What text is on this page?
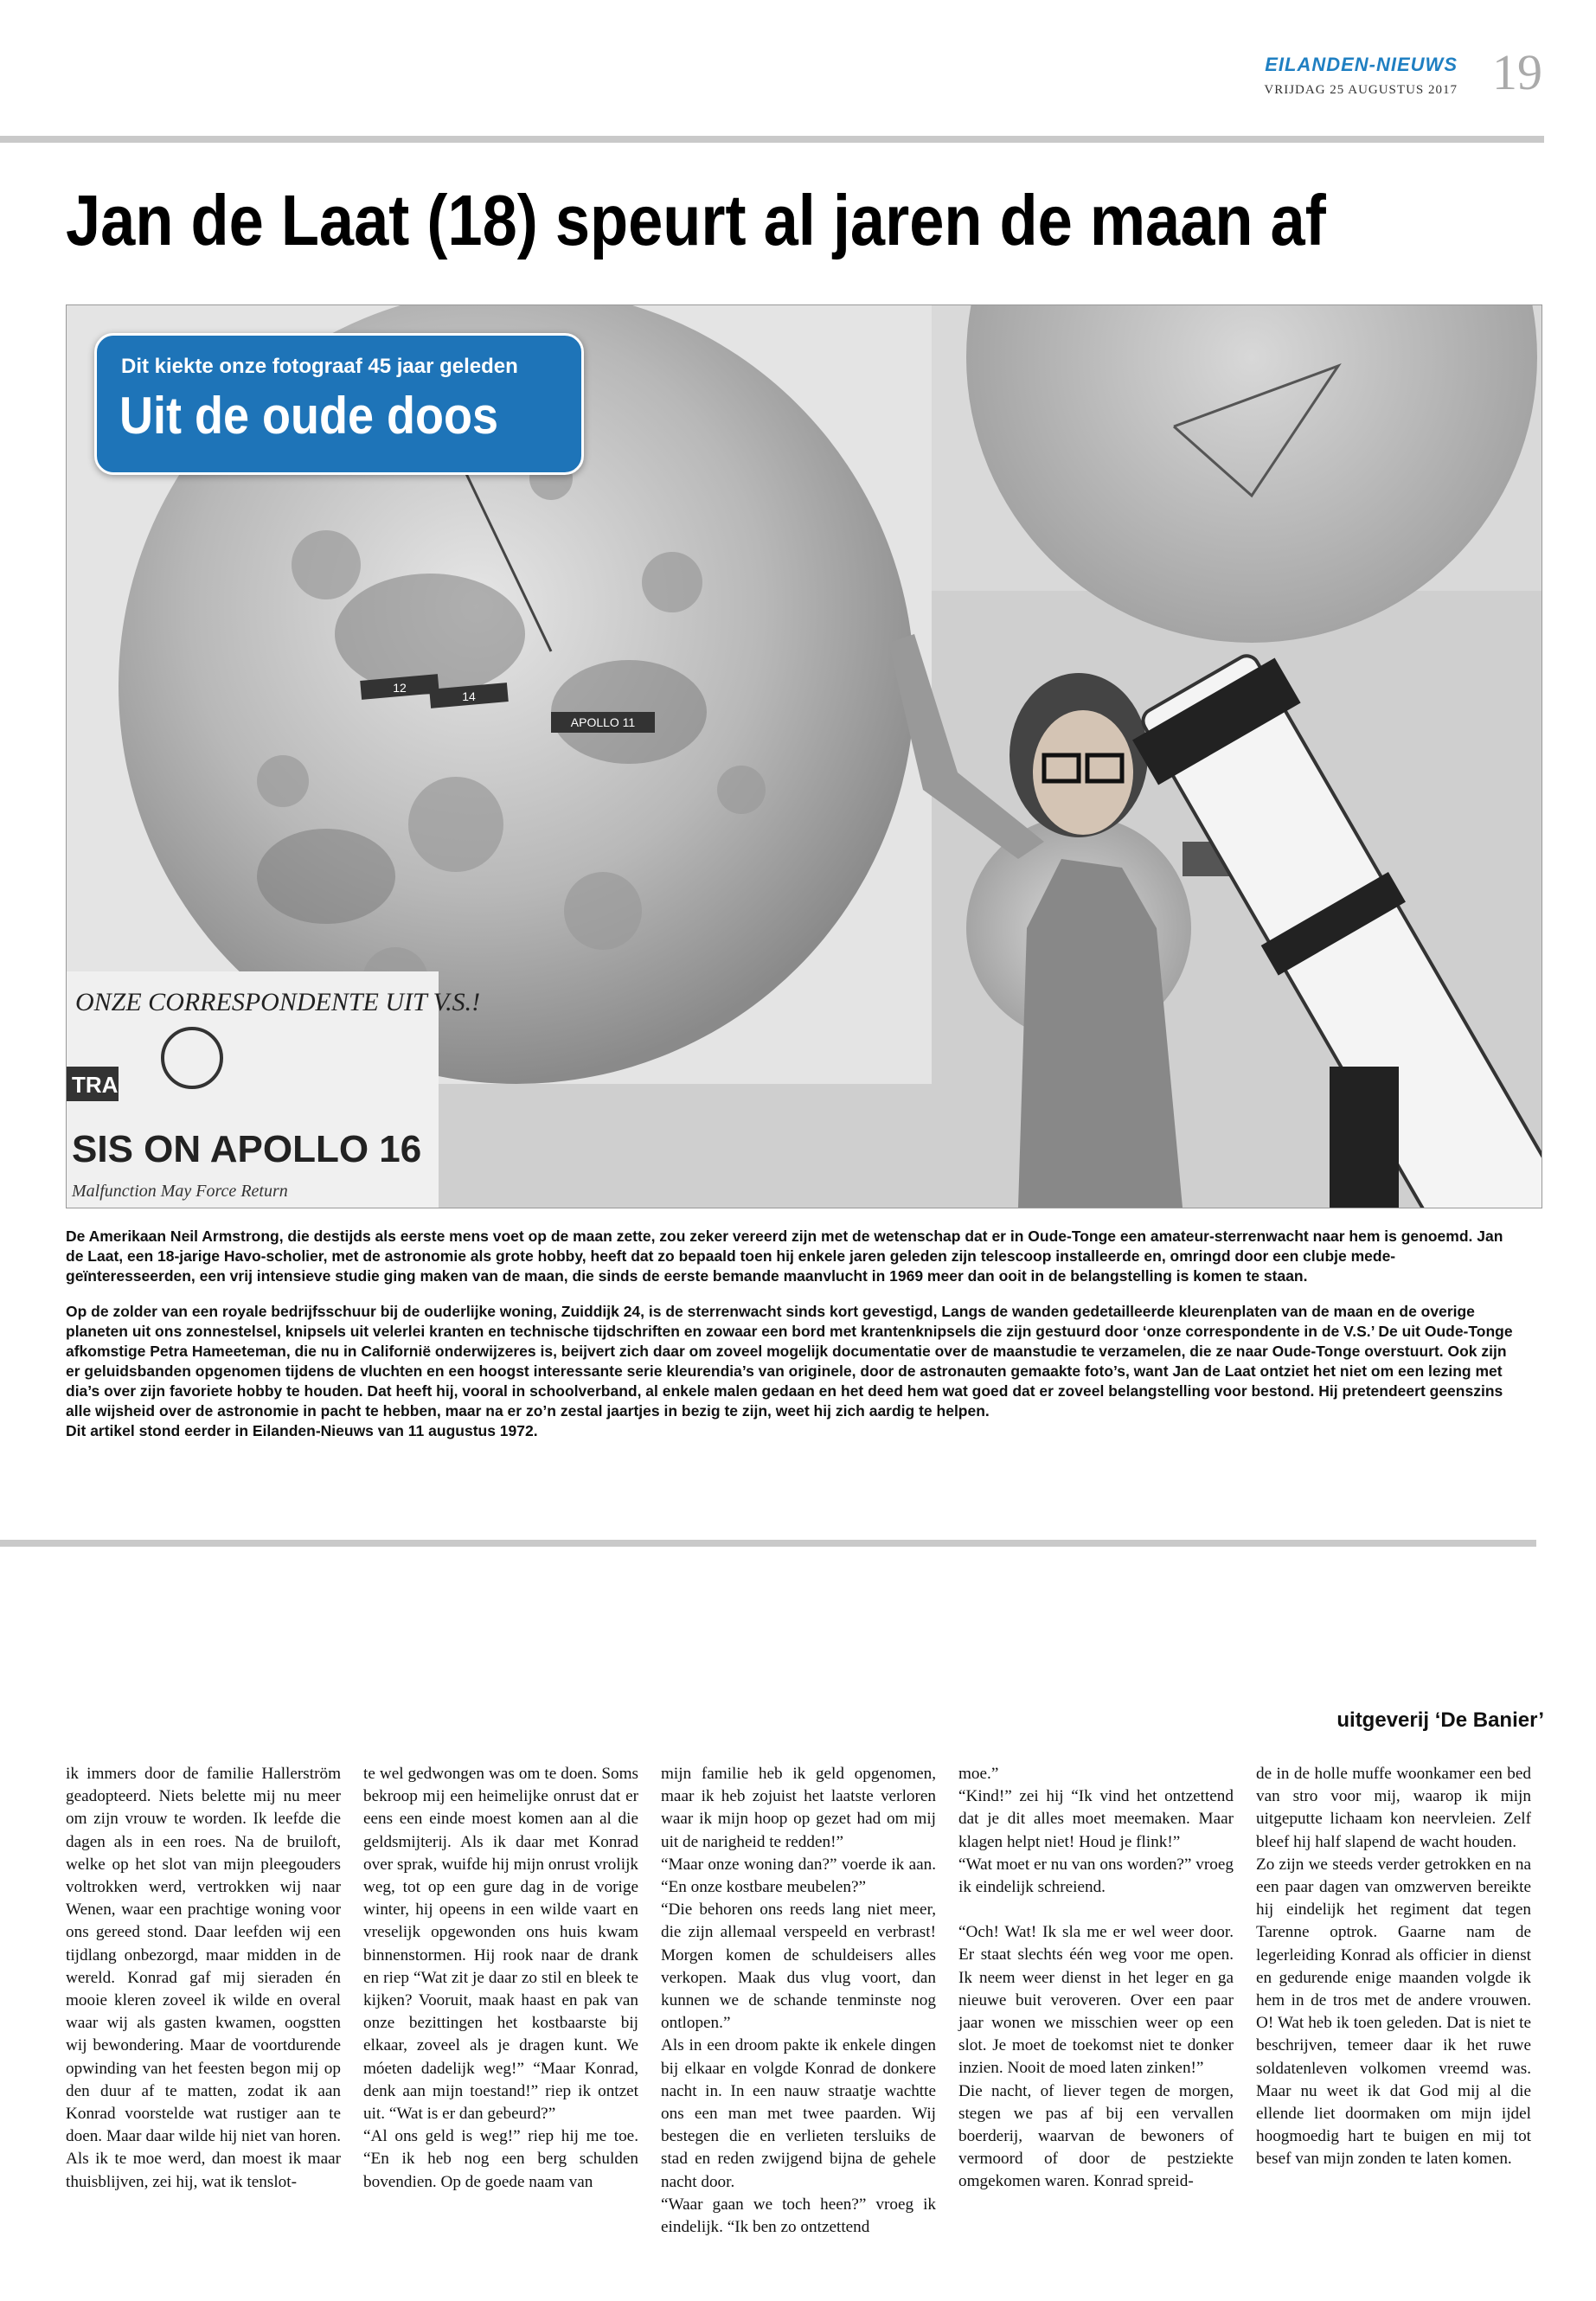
EILANDEN-NIEUWS
VRIJDAG 25 AUGUSTUS 2017 19
Jan de Laat (18) speurt al jaren de maan af
12
14
APOLLO 11
ONZE CORRESPONDENTE UIT V.S.!
TRA
SIS ON APOLLO 16
Malfunction May Force Return
Dit kiekte onze fotograaf 45 jaar geleden
Uit de oude doos

De Amerikaan Neil Armstrong, die destijds als eerste mens voet op de maan zette, zou zeker vereerd zijn met de wetenschap dat er in Oude-Tonge een amateur-sterrenwacht naar hem is genoemd. Jan de Laat, een 18-jarige Havo-scholier, met de astronomie als grote hobby, heeft dat zo bepaald toen hij enkele jaren geleden zijn telescoop installeerde en, omringd door een clubje mede-geïnteresseerden, een vrij intensieve studie ging maken van de maan, die sinds de eerste bemande maanvlucht in 1969 meer dan ooit in de belangstelling is komen te staan.

Op de zolder van een royale bedrijfsschuur bij de ouderlijke woning, Zuiddijk 24, is de sterrenwacht sinds kort gevestigd, Langs de wanden gedetailleerde kleurenplaten van de maan en de overige planeten uit ons zonnestelsel, knipsels uit velerlei kranten en technische tijdschriften en zowaar een bord met krantenknipsels die zijn gestuurd door ‘onze correspondente in de V.S.’ De uit Oude-Tonge afkomstige Petra Hameeteman, die nu in Californië onderwijzeres is, beijvert zich daar om zoveel mogelijk documentatie over de maanstudie te verzamelen, die ze naar Oude-Tonge overstuurt. Ook zijn er geluidsbanden opgenomen tijdens de vluchten en een hoogst interessante serie kleurendia’s van originele, door de astronauten gemaakte foto’s, want Jan de Laat ontziet het niet om een lezing met dia’s over zijn favoriete hobby te houden. Dat heeft hij, vooral in schoolverband, al enkele malen gedaan en het deed hem wat goed dat er zoveel belangstelling voor bestond. Hij pretendeert geenszins alle wijsheid over de astronomie in pacht te hebben, maar na er zo’n zestal jaartjes in bezig te zijn, weet hij zich aardig te helpen.

Dit artikel stond eerder in Eilanden-Nieuws van 11 augustus 1972.

uitgeverij ‘De Banier’

ik immers door de familie Hallerström geadopteerd. Niets belette mij nu meer om zijn vrouw te worden. Ik leefde die dagen als in een roes. Na de bruiloft, welke op het slot van mijn pleegouders voltrokken werd, vertrokken wij naar Wenen, waar een prachtige woning voor ons gereed stond. Daar leefden wij een tijdlang onbezorgd, maar midden in de wereld. Konrad gaf mij sieraden én mooie kleren zoveel ik wilde en overal waar wij als gasten kwamen, oogstten wij bewondering. Maar de voortdurende opwinding van het feesten begon mij op den duur af te matten, zodat ik aan Konrad voorstelde wat rustiger aan te doen. Maar daar wilde hij niet van horen. Als ik te moe werd, dan moest ik maar thuisblijven, zei hij, wat ik tenslot-

te wel gedwongen was om te doen. Soms bekroop mij een heimelijke onrust dat er eens een einde moest komen aan al die geldsmijterij. Als ik daar met Konrad over sprak, wuifde hij mijn onrust vrolijk weg, tot op een gure dag in de vorige winter, hij opeens in een wilde vaart en vreselijk opgewonden ons huis kwam binnenstormen. Hij rook naar de drank en riep “Wat zit je daar zo stil en bleek te kijken? Vooruit, maak haast en pak van onze bezittingen het kostbaarste bij elkaar, zoveel als je dragen kunt. We móeten dadelijk weg!” “Maar Konrad, denk aan mijn toestand!” riep ik ontzet uit. “Wat is er dan gebeurd?”

“Al ons geld is weg!” riep hij me toe. “En ik heb nog een berg schulden bovendien. Op de goede naam van

mijn familie heb ik geld opgenomen, maar ik heb zojuist het laatste verloren waar ik mijn hoop op gezet had om mij uit de narigheid te redden!”

“Maar onze woning dan?” voerde ik aan. “En onze kostbare meubelen?”

“Die behoren ons reeds lang niet meer, die zijn allemaal verspeeld en verbrast! Morgen komen de schuldeisers alles verkopen. Maak dus vlug voort, dan kunnen we de schande tenminste nog ontlopen.”

Als in een droom pakte ik enkele dingen bij elkaar en volgde Konrad de donkere nacht in. In een nauw straatje wachtte ons een man met twee paarden. Wij bestegen die en verlieten tersluiks de stad en reden zwijgend bijna de gehele nacht door.

“Waar gaan we toch heen?” vroeg ik eindelijk. “Ik ben zo ontzettend

moe.”

“Kind!” zei hij “Ik vind het ontzettend dat je dit alles moet meemaken. Maar klagen helpt niet! Houd je flink!”

“Wat moet er nu van ons worden?” vroeg ik eindelijk schreiend.

“Och! Wat! Ik sla me er wel weer door. Er staat slechts één weg voor me open. Ik neem weer dienst in het leger en ga nieuwe buit veroveren. Over een paar jaar wonen we misschien weer op een slot. Je moet de toekomst niet te donker inzien. Nooit de moed laten zinken!”

Die nacht, of liever tegen de morgen, stegen we pas af bij een vervallen boerderij, waarvan de bewoners of vermoord of door de pestziekte omgekomen waren. Konrad spreid-

de in de holle muffe woonkamer een bed van stro voor mij, waarop ik mijn uitgeputte lichaam kon neervleien. Zelf bleef hij half slapend de wacht houden.

Zo zijn we steeds verder getrokken en na een paar dagen van omzwerven bereikte hij eindelijk het regiment dat tegen Tarenne optrok. Gaarne nam de legerleiding Konrad als officier in dienst en gedurende enige maanden volgde ik hem in de tros met de andere vrouwen. O! Wat heb ik toen geleden. Dat is niet te beschrijven, temeer daar ik het ruwe soldatenleven volkomen vreemd was. Maar nu weet ik dat God mij al die ellende liet doormaken om mijn ijdel hoogmoedig hart te buigen en mij tot besef van mijn zonden te laten komen.
